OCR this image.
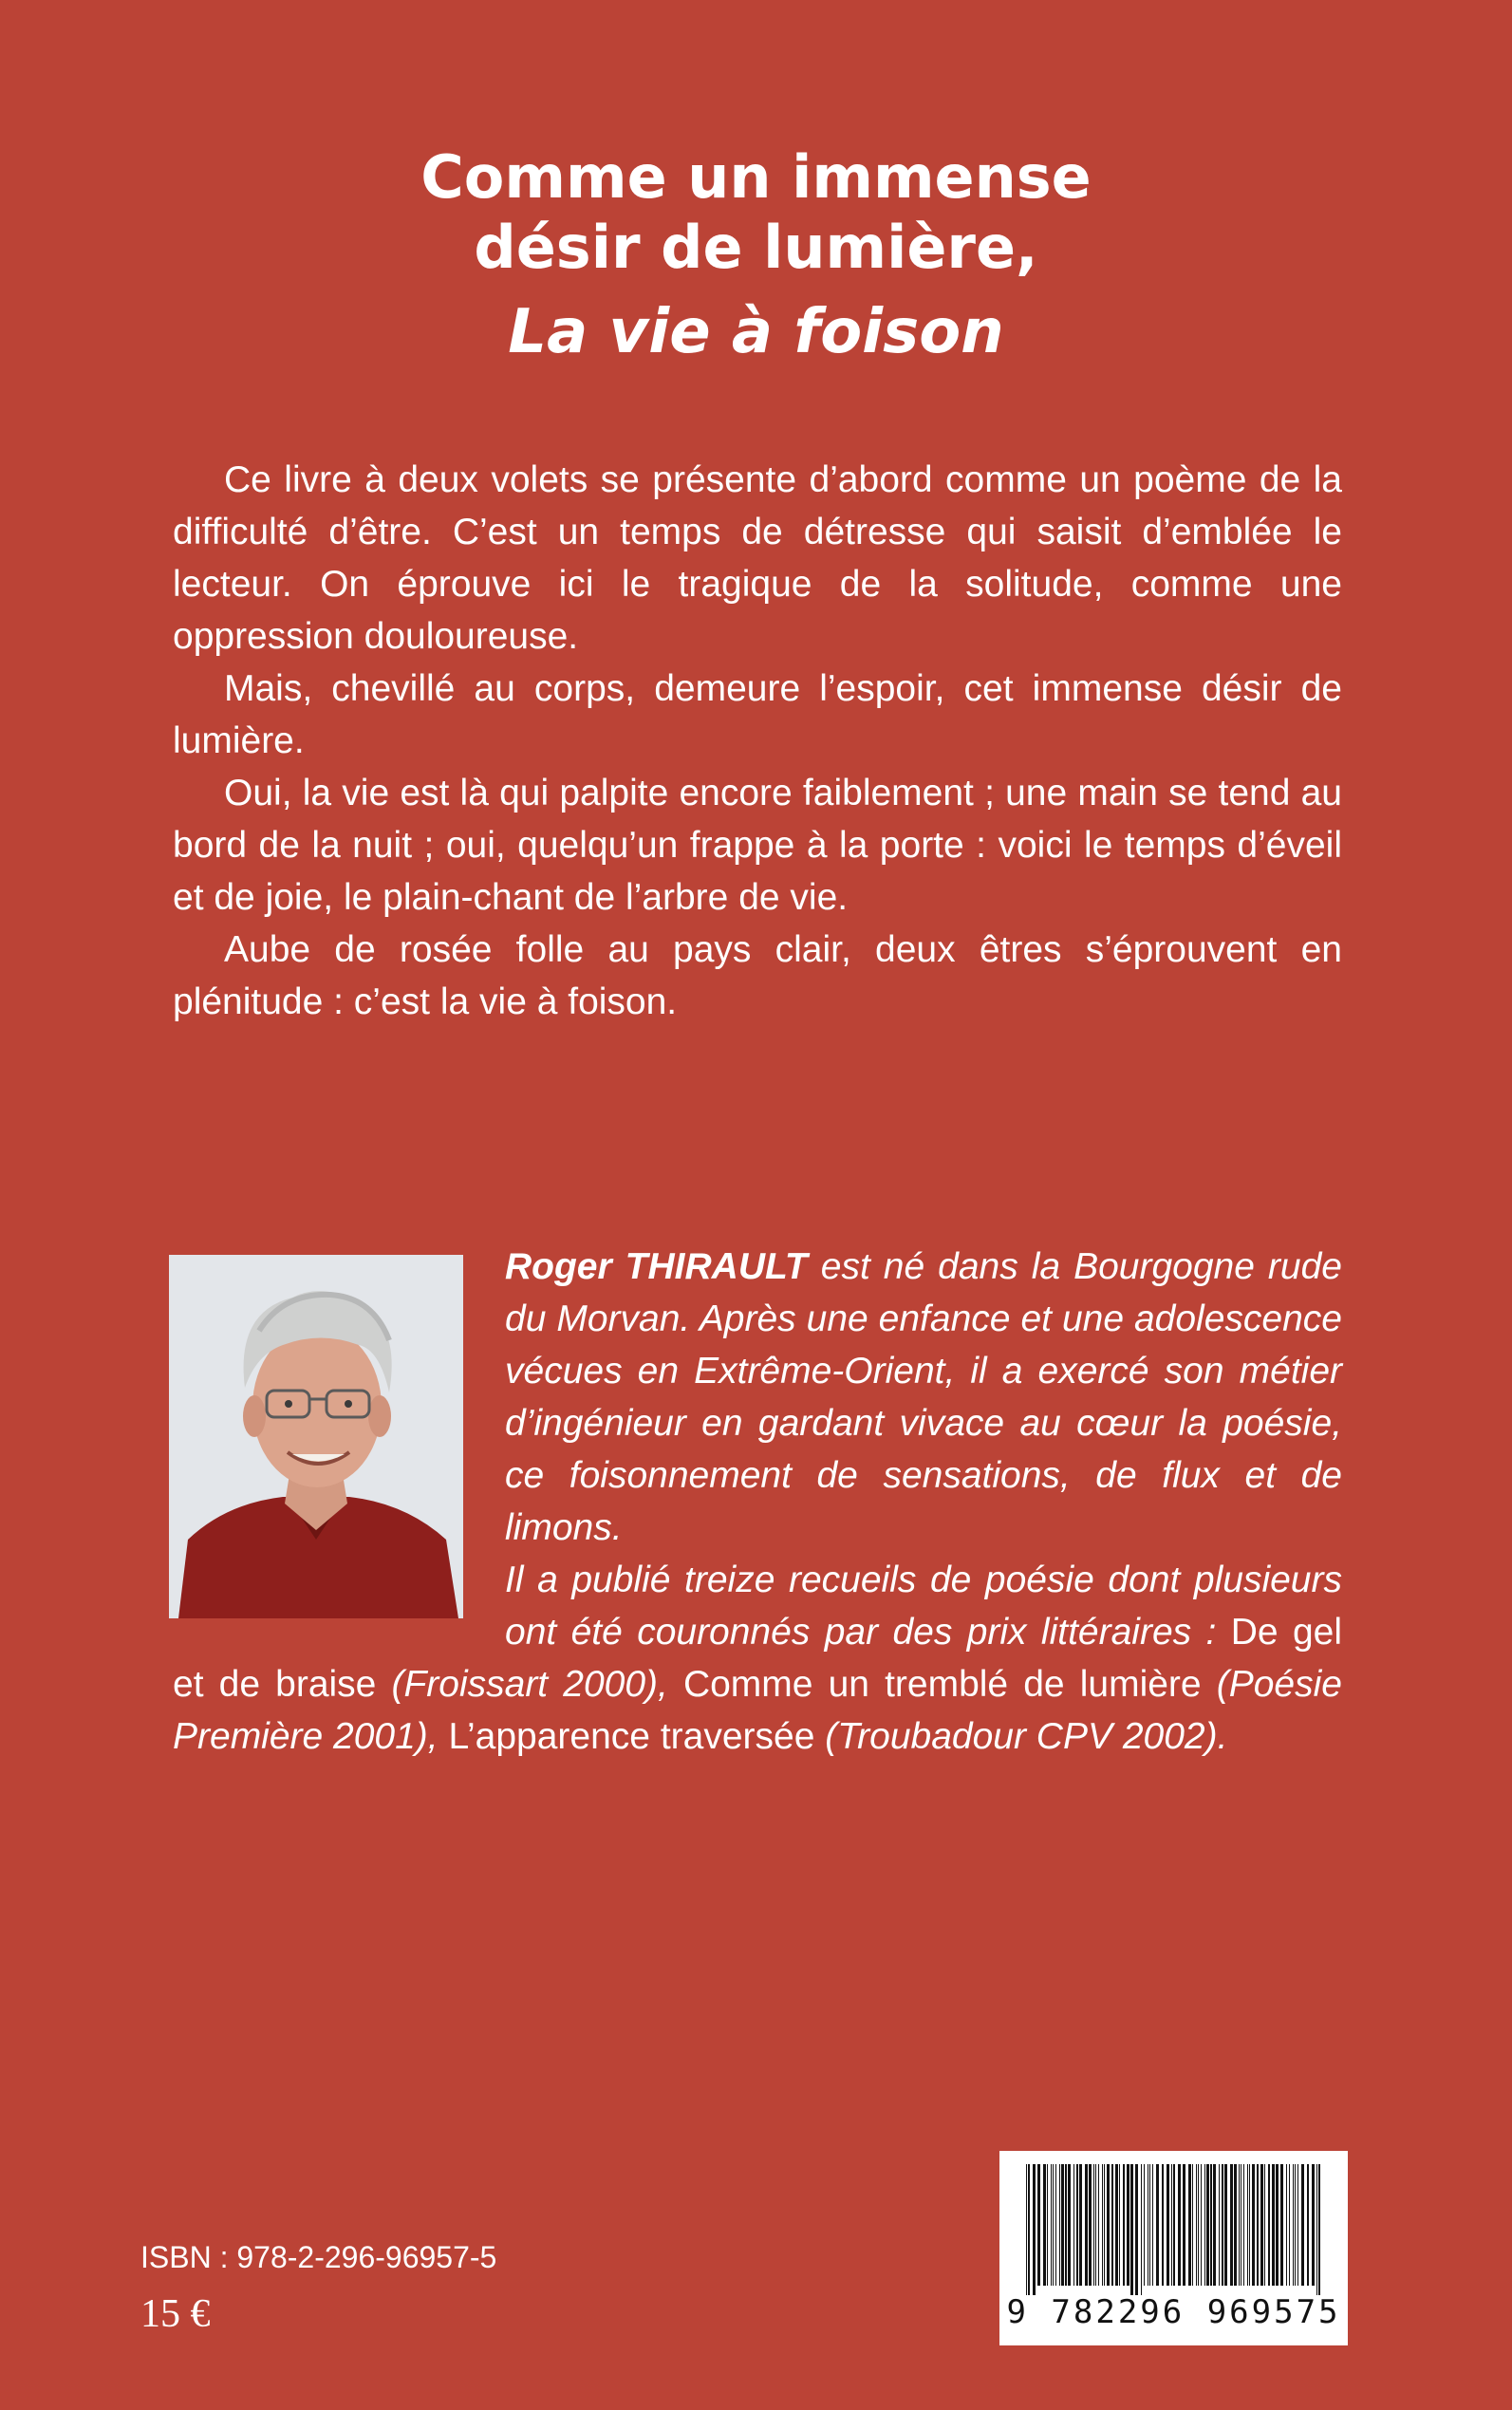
Comme un immense
désir de lumière,
La vie à foison

Ce livre à deux volets se présente d’abord comme un poème de la difficulté d’être. C’est un temps de détresse qui saisit d’emblée le lecteur. On éprouve ici le tragique de la solitude, comme une oppression douloureuse.

Mais, chevillé au corps, demeure l’espoir, cet immense désir de lumière.

Oui, la vie est là qui palpite encore faiblement ; une main se tend au bord de la nuit ; oui, quelqu’un frappe à la porte : voici le temps d’éveil et de joie, le plain-chant de l’arbre de vie.

Aube de rosée folle au pays clair, deux êtres s’éprouvent en plénitude : c’est la vie à foison.

Roger THIRAULT est né dans la Bourgogne rude du Morvan. Après une enfance et une adolescence vécues en Extrême-Orient, il a exercé son métier d’ingénieur en gardant vivace au cœur la poésie, ce foisonnement de sensations, de flux et de limons.

Il a publié treize recueils de poésie dont plusieurs ont été couronnés par des prix littéraires : De gel et de braise (Froissart 2000), Comme un tremblé de lumière (Poésie Première 2001), L’apparence traversée (Troubadour CPV 2002).

ISBN : 978-2-296-96957-5
15 €	9 782296 969575
